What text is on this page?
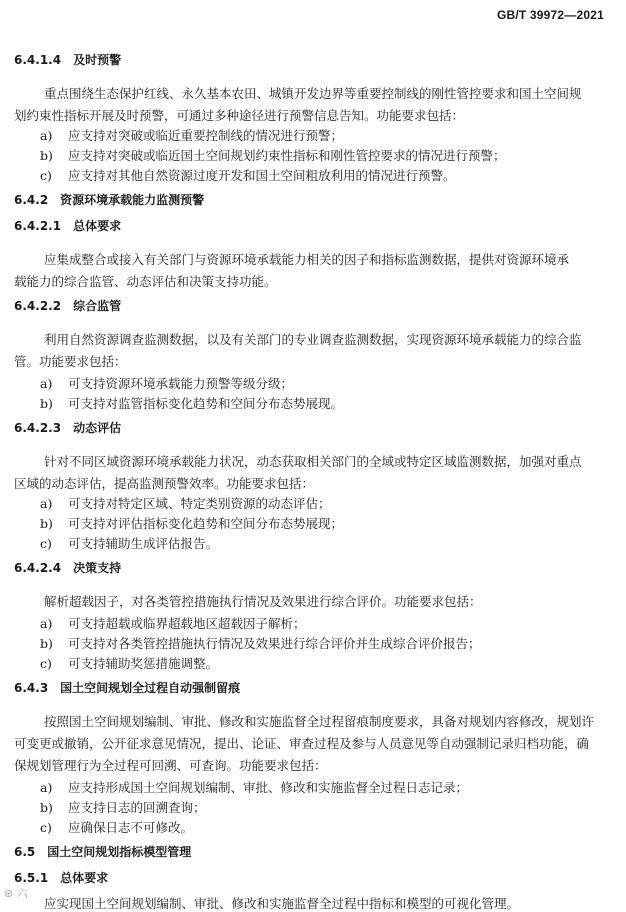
GB/T 39972—2021
6.4.1.4 及时预警
重点围绕生态保护红线、永久基本农田、城镇开发边界等重要控制线的刚性管控要求和国土空间规
划约束性指标开展及时预警，可通过多种途径进行预警信息告知。功能要求包括：
a) 应支持对突破或临近重要控制线的情况进行预警；
b) 应支持对突破或临近国土空间规划约束性指标和刚性管控要求的情况进行预警；
c) 应支持对其他自然资源过度开发和国土空间粗放利用的情况进行预警。
6.4.2 资源环境承载能力监测预警
6.4.2.1 总体要求
应集成整合或接入有关部门与资源环境承载能力相关的因子和指标监测数据，提供对资源环境承
载能力的综合监管、动态评估和决策支持功能。
6.4.2.2 综合监管
利用自然资源调查监测数据，以及有关部门的专业调查监测数据，实现资源环境承载能力的综合监
管。功能要求包括：
a) 可支持资源环境承载能力预警等级分级；
b) 可支持对监管指标变化趋势和空间分布态势展现。
6.4.2.3 动态评估
针对不同区域资源环境承载能力状况，动态获取相关部门的全域或特定区域监测数据，加强对重点
区域的动态评估，提高监测预警效率。功能要求包括：
a) 可支持对特定区域、特定类别资源的动态评估；
b) 可支持对评估指标变化趋势和空间分布态势展现；
c) 可支持辅助生成评估报告。
6.4.2.4 决策支持
解析超载因子，对各类管控措施执行情况及效果进行综合评价。功能要求包括：
a) 可支持超载或临界超载地区超载因子解析；
b) 可支持对各类管控措施执行情况及效果进行综合评价并生成综合评价报告；
c) 可支持辅助奖惩措施调整。
6.4.3 国土空间规划全过程自动强制留痕
按照国土空间规划编制、审批、修改和实施监督全过程留痕制度要求，具备对规划内容修改，规划许
可变更或撤销，公开征求意见情况，提出、论证、审查过程及参与人员意见等自动强制记录归档功能，确
保规划管理行为全过程可回溯、可查询。功能要求包括：
a) 应支持形成国土空间规划编制、审批、修改和实施监督全过程日志记录；
b) 应支持日志的回溯查询；
c) 应确保日志不可修改。
6.5 国土空间规划指标模型管理
6.5.1 总体要求
应实现国土空间规划编制、审批、修改和实施监督全过程中指标和模型的可视化管理。
⊛ 六
